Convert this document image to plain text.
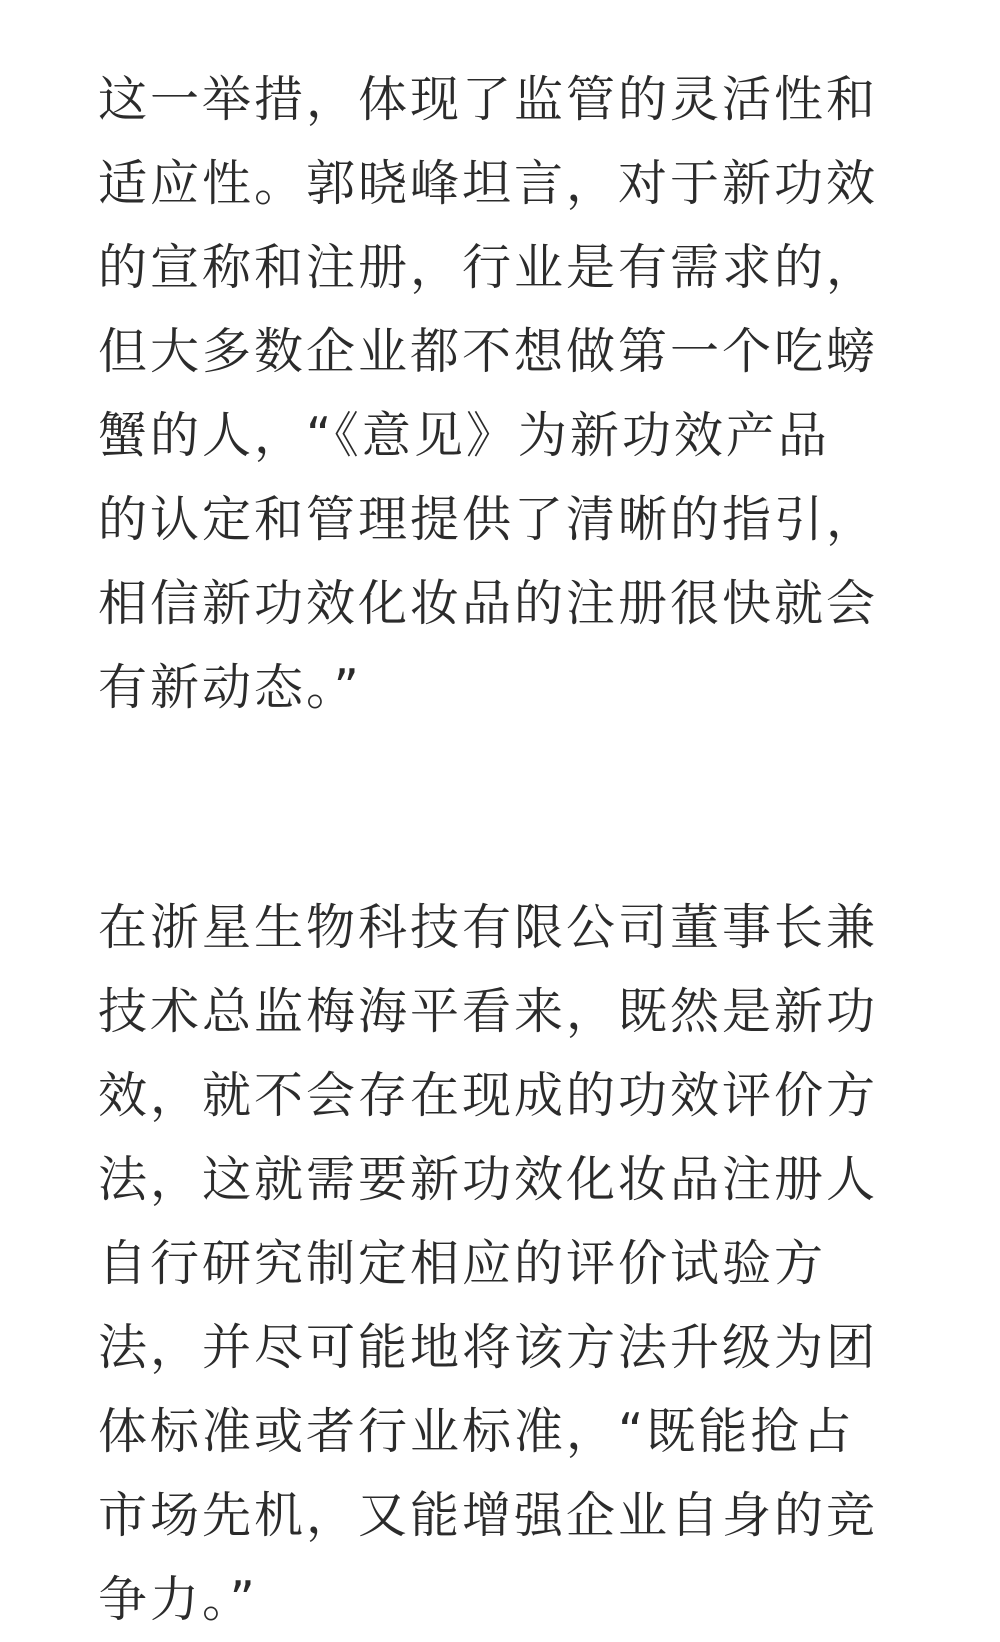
这一举措，体现了监管的灵活性和
适应性。郭晓峰坦言，对于新功效
的宣称和注册，行业是有需求的，
但大多数企业都不想做第一个吃螃
蟹的人，“《意见》为新功效产品
的认定和管理提供了清晰的指引，
相信新功效化妆品的注册很快就会
有新动态。”

在浙星生物科技有限公司董事长兼
技术总监梅海平看来，既然是新功
效，就不会存在现成的功效评价方
法，这就需要新功效化妆品注册人
自行研究制定相应的评价试验方
法，并尽可能地将该方法升级为团
体标准或者行业标准，“既能抢占
市场先机，又能增强企业自身的竞
争力。”
